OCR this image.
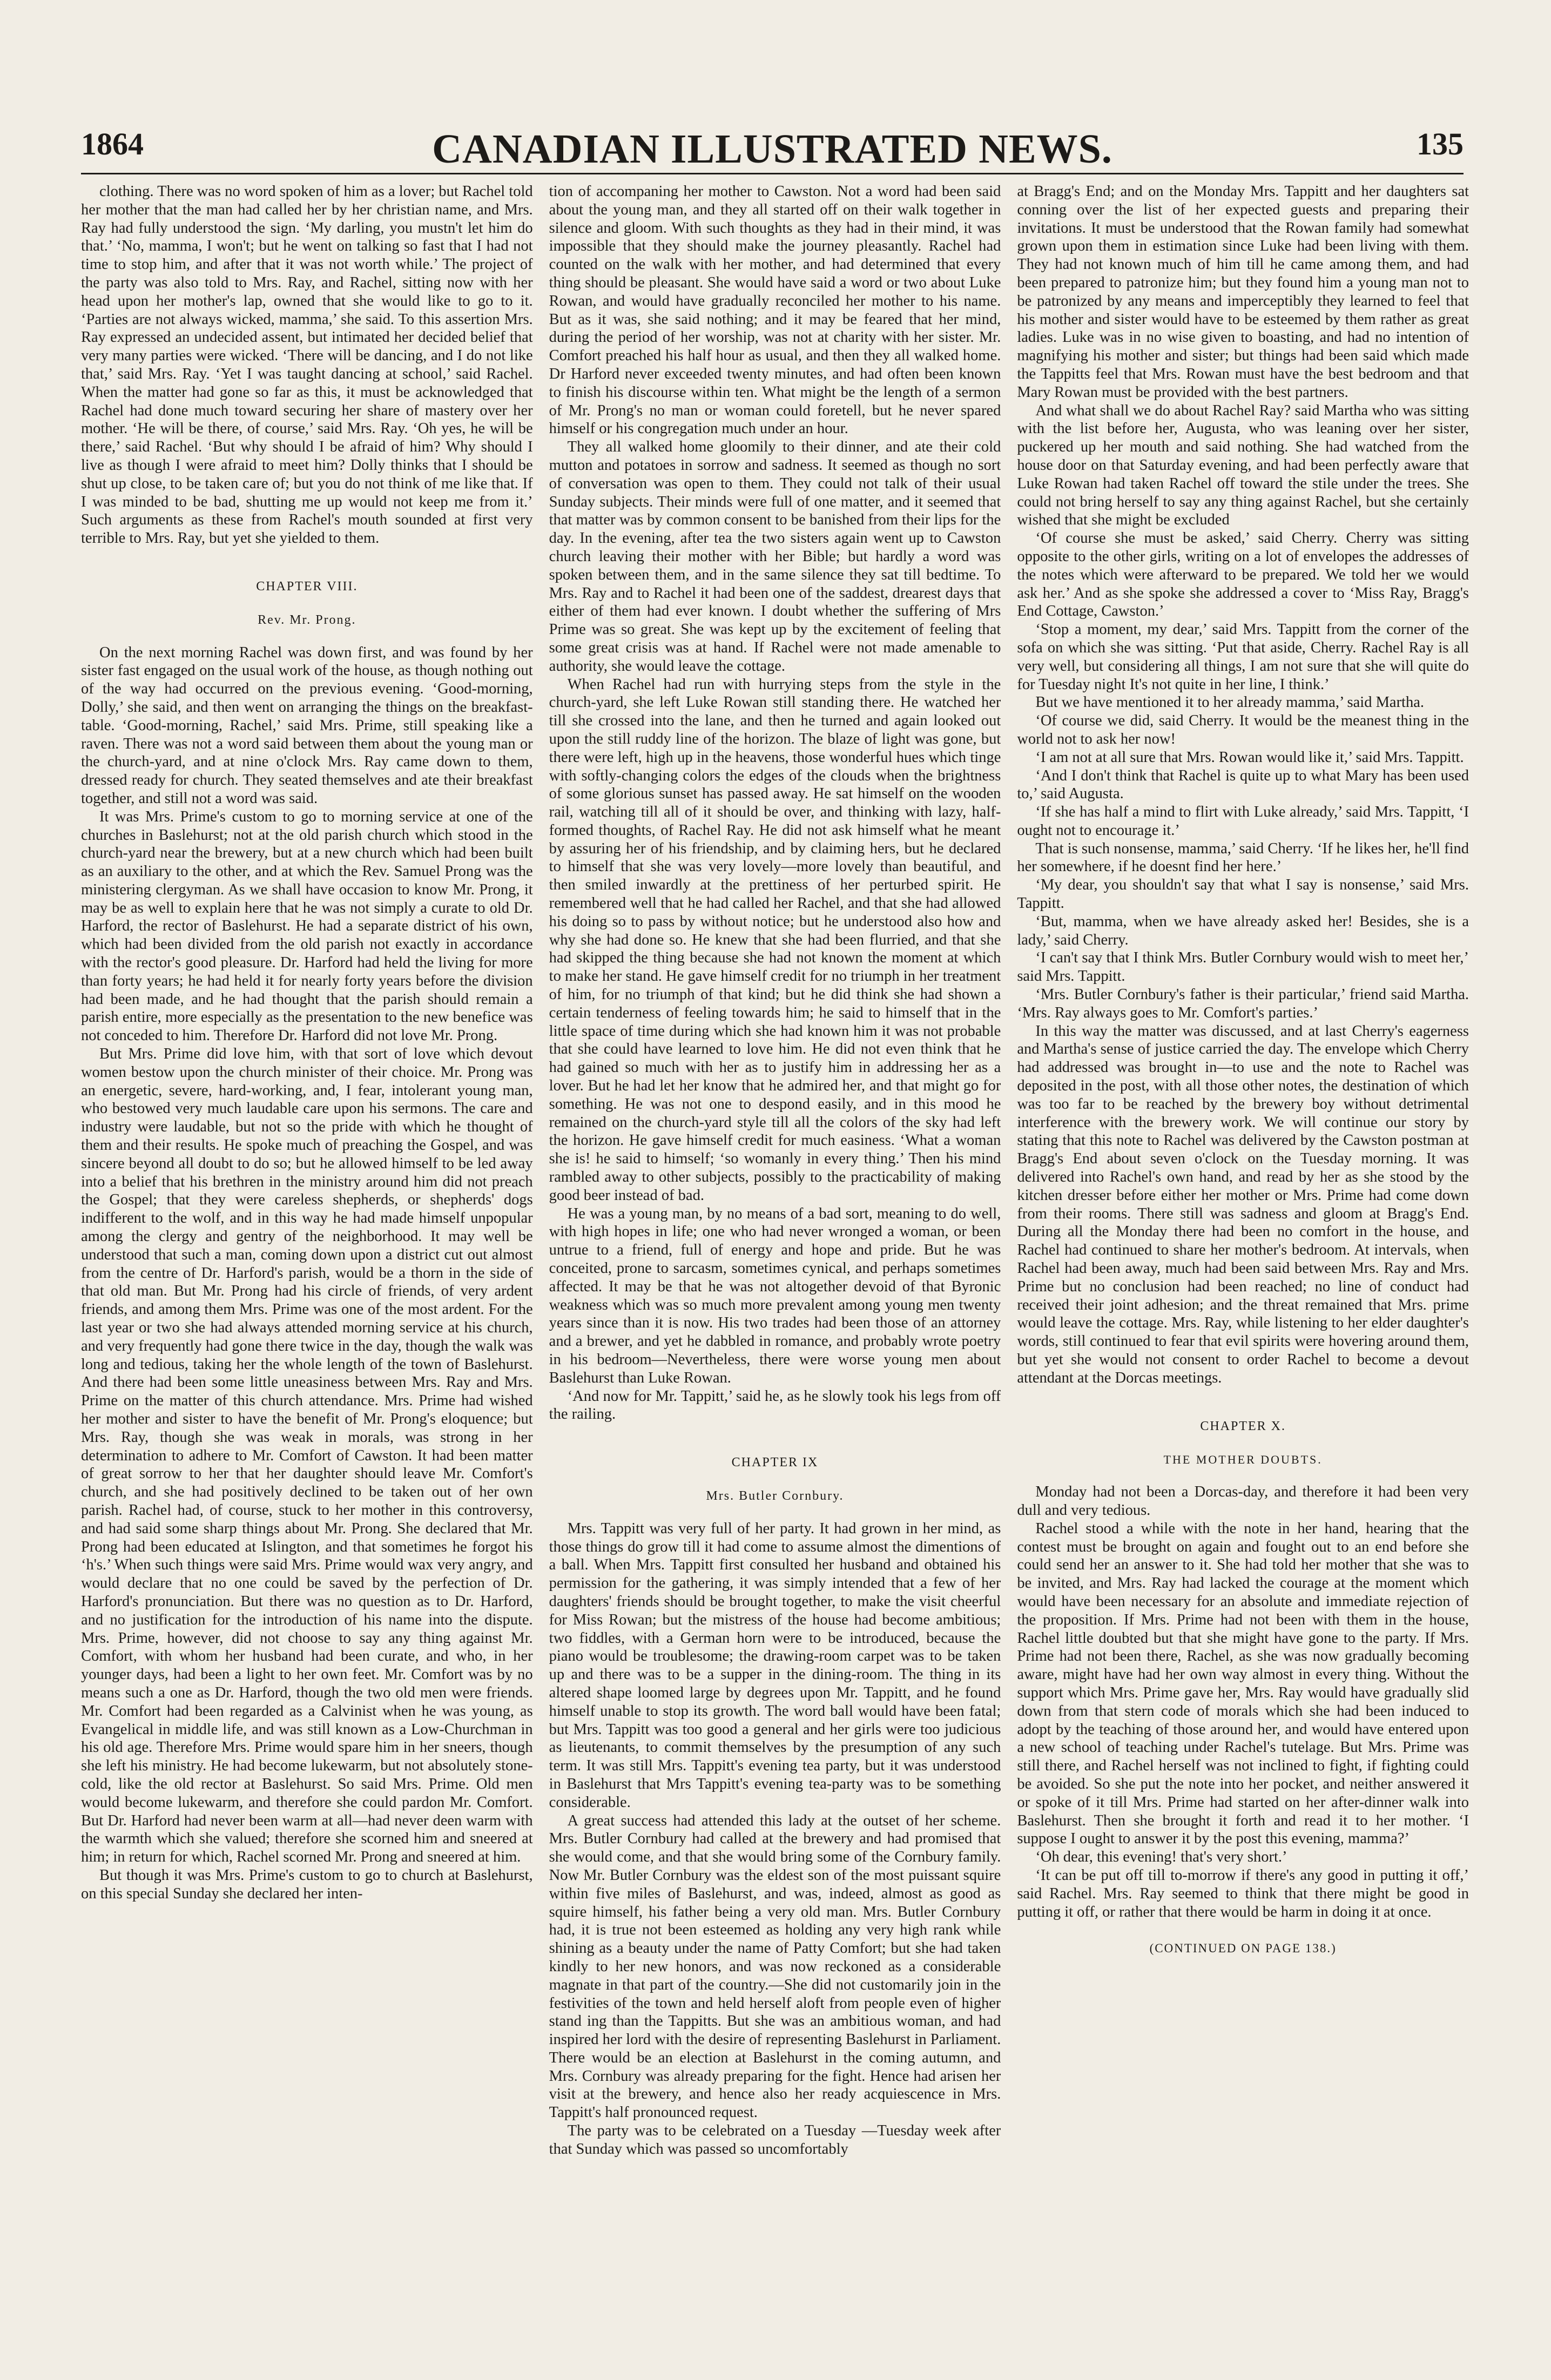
1864	CANADIAN ILLUSTRATED NEWS.	135

clothing. There was no word spoken of him as a lover; but Rachel told her mother that the man had called her by her christian name, and Mrs. Ray had fully understood the sign. ‘My darling, you mustn't let him do that.’ ‘No, mamma, I won't; but he went on talking so fast that I had not time to stop him, and after that it was not worth while.’ The project of the party was also told to Mrs. Ray, and Rachel, sitting now with her head upon her mother's lap, owned that she would like to go to it. ‘Parties are not always wicked, mamma,’ she said. To this assertion Mrs. Ray expressed an undecided assent, but intimated her decided belief that very many parties were wicked. ‘There will be dancing, and I do not like that,’ said Mrs. Ray. ‘Yet I was taught dancing at school,’ said Rachel. When the matter had gone so far as this, it must be acknowledged that Rachel had done much toward securing her share of mastery over her mother. ‘He will be there, of course,’ said Mrs. Ray. ‘Oh yes, he will be there,’ said Rachel. ‘But why should I be afraid of him? Why should I live as though I were afraid to meet him? Dolly thinks that I should be shut up close, to be taken care of; but you do not think of me like that. If I was minded to be bad, shutting me up would not keep me from it.’ Such arguments as these from Rachel's mouth sounded at first very terrible to Mrs. Ray, but yet she yielded to them.

CHAPTER VIII.
Rev. Mr. Prong.

On the next morning Rachel was down first, and was found by her sister fast engaged on the usual work of the house, as though nothing out of the way had occurred on the previous evening. ‘Good-morning, Dolly,’ she said, and then went on arranging the things on the breakfast-table. ‘Good-morning, Rachel,’ said Mrs. Prime, still speaking like a raven. There was not a word said between them about the young man or the church-yard, and at nine o'clock Mrs. Ray came down to them, dressed ready for church. They seated themselves and ate their breakfast together, and still not a word was said.

It was Mrs. Prime's custom to go to morning service at one of the churches in Baslehurst; not at the old parish church which stood in the church-yard near the brewery, but at a new church which had been built as an auxiliary to the other, and at which the Rev. Samuel Prong was the ministering clergyman. As we shall have occasion to know Mr. Prong, it may be as well to explain here that he was not simply a curate to old Dr. Harford, the rector of Baslehurst. He had a separate district of his own, which had been divided from the old parish not exactly in accordance with the rector's good pleasure. Dr. Harford had held the living for more than forty years; he had held it for nearly forty years before the division had been made, and he had thought that the parish should remain a parish entire, more especially as the presentation to the new benefice was not conceded to him. Therefore Dr. Harford did not love Mr. Prong.

But Mrs. Prime did love him, with that sort of love which devout women bestow upon the church minister of their choice. Mr. Prong was an energetic, severe, hard-working, and, I fear, intolerant young man, who bestowed very much laudable care upon his sermons. The care and industry were laudable, but not so the pride with which he thought of them and their results. He spoke much of preaching the Gospel, and was sincere beyond all doubt to do so; but he allowed himself to be led away into a belief that his brethren in the ministry around him did not preach the Gospel; that they were careless shepherds, or shepherds' dogs indifferent to the wolf, and in this way he had made himself unpopular among the clergy and gentry of the neighborhood. It may well be understood that such a man, coming down upon a district cut out almost from the centre of Dr. Harford's parish, would be a thorn in the side of that old man. But Mr. Prong had his circle of friends, of very ardent friends, and among them Mrs. Prime was one of the most ardent. For the last year or two she had always attended morning service at his church, and very frequently had gone there twice in the day, though the walk was long and tedious, taking her the whole length of the town of Baslehurst. And there had been some little uneasiness between Mrs. Ray and Mrs. Prime on the matter of this church attendance. Mrs. Prime had wished her mother and sister to have the benefit of Mr. Prong's eloquence; but Mrs. Ray, though she was weak in morals, was strong in her determination to adhere to Mr. Comfort of Cawston. It had been matter of great sorrow to her that her daughter should leave Mr. Comfort's church, and she had positively declined to be taken out of her own parish. Rachel had, of course, stuck to her mother in this controversy, and had said some sharp things about Mr. Prong. She declared that Mr. Prong had been educated at Islington, and that sometimes he forgot his ‘h's.’ When such things were said Mrs. Prime would wax very angry, and would declare that no one could be saved by the perfection of Dr. Harford's pronunciation. But there was no question as to Dr. Harford, and no justification for the introduction of his name into the dispute. Mrs. Prime, however, did not choose to say any thing against Mr. Comfort, with whom her husband had been curate, and who, in her younger days, had been a light to her own feet. Mr. Comfort was by no means such a one as Dr. Harford, though the two old men were friends. Mr. Comfort had been regarded as a Calvinist when he was young, as Evangelical in middle life, and was still known as a Low-Churchman in his old age. Therefore Mrs. Prime would spare him in her sneers, though she left his ministry. He had become lukewarm, but not absolutely stone-cold, like the old rector at Baslehurst. So said Mrs. Prime. Old men would become lukewarm, and therefore she could pardon Mr. Comfort. But Dr. Harford had never been warm at all—had never deen warm with the warmth which she valued; therefore she scorned him and sneered at him; in return for which, Rachel scorned Mr. Prong and sneered at him.

But though it was Mrs. Prime's custom to go to church at Baslehurst, on this special Sunday she declared her inten-

tion of accompaning her mother to Cawston. Not a word had been said about the young man, and they all started off on their walk together in silence and gloom. With such thoughts as they had in their mind, it was impossible that they should make the journey pleasantly. Rachel had counted on the walk with her mother, and had determined that every thing should be pleasant. She would have said a word or two about Luke Rowan, and would have gradually reconciled her mother to his name. But as it was, she said nothing; and it may be feared that her mind, during the period of her worship, was not at charity with her sister. Mr. Comfort preached his half hour as usual, and then they all walked home. Dr Harford never exceeded twenty minutes, and had often been known to finish his discourse within ten. What might be the length of a sermon of Mr. Prong's no man or woman could foretell, but he never spared himself or his congregation much under an hour.

They all walked home gloomily to their dinner, and ate their cold mutton and potatoes in sorrow and sadness. It seemed as though no sort of conversation was open to them. They could not talk of their usual Sunday subjects. Their minds were full of one matter, and it seemed that that matter was by common consent to be banished from their lips for the day. In the evening, after tea the two sisters again went up to Cawston church leaving their mother with her Bible; but hardly a word was spoken between them, and in the same silence they sat till bedtime. To Mrs. Ray and to Rachel it had been one of the saddest, drearest days that either of them had ever known. I doubt whether the suffering of Mrs Prime was so great. She was kept up by the excitement of feeling that some great crisis was at hand. If Rachel were not made amenable to authority, she would leave the cottage.

When Rachel had run with hurrying steps from the style in the church-yard, she left Luke Rowan still standing there. He watched her till she crossed into the lane, and then he turned and again looked out upon the still ruddy line of the horizon. The blaze of light was gone, but there were left, high up in the heavens, those wonderful hues which tinge with softly-changing colors the edges of the clouds when the brightness of some glorious sunset has passed away. He sat himself on the wooden rail, watching till all of it should be over, and thinking with lazy, half-formed thoughts, of Rachel Ray. He did not ask himself what he meant by assuring her of his friendship, and by claiming hers, but he declared to himself that she was very lovely—more lovely than beautiful, and then smiled inwardly at the prettiness of her perturbed spirit. He remembered well that he had called her Rachel, and that she had allowed his doing so to pass by without notice; but he understood also how and why she had done so. He knew that she had been flurried, and that she had skipped the thing because she had not known the moment at which to make her stand. He gave himself credit for no triumph in her treatment of him, for no triumph of that kind; but he did think she had shown a certain tenderness of feeling towards him; he said to himself that in the little space of time during which she had known him it was not probable that she could have learned to love him. He did not even think that he had gained so much with her as to justify him in addressing her as a lover. But he had let her know that he admired her, and that might go for something. He was not one to despond easily, and in this mood he remained on the church-yard style till all the colors of the sky had left the horizon. He gave himself credit for much easiness. ‘What a woman she is! he said to himself; ‘so womanly in every thing.’ Then his mind rambled away to other subjects, possibly to the practicability of making good beer instead of bad.

He was a young man, by no means of a bad sort, meaning to do well, with high hopes in life; one who had never wronged a woman, or been untrue to a friend, full of energy and hope and pride. But he was conceited, prone to sarcasm, sometimes cynical, and perhaps sometimes affected. It may be that he was not altogether devoid of that Byronic weakness which was so much more prevalent among young men twenty years since than it is now. His two trades had been those of an attorney and a brewer, and yet he dabbled in romance, and probably wrote poetry in his bedroom—Nevertheless, there were worse young men about Baslehurst than Luke Rowan.

‘And now for Mr. Tappitt,’ said he, as he slowly took his legs from off the railing.

CHAPTER IX
Mrs. Butler Cornbury.

Mrs. Tappitt was very full of her party. It had grown in her mind, as those things do grow till it had come to assume almost the dimentions of a ball. When Mrs. Tappitt first consulted her husband and obtained his permission for the gathering, it was simply intended that a few of her daughters' friends should be brought together, to make the visit cheerful for Miss Rowan; but the mistress of the house had become ambitious; two fiddles, with a German horn were to be introduced, because the piano would be troublesome; the drawing-room carpet was to be taken up and there was to be a supper in the dining-room. The thing in its altered shape loomed large by degrees upon Mr. Tappitt, and he found himself unable to stop its growth. The word ball would have been fatal; but Mrs. Tappitt was too good a general and her girls were too judicious as lieutenants, to commit themselves by the presumption of any such term. It was still Mrs. Tappitt's evening tea party, but it was understood in Baslehurst that Mrs Tappitt's evening tea-party was to be something considerable.

A great success had attended this lady at the outset of her scheme. Mrs. Butler Cornbury had called at the brewery and had promised that she would come, and that she would bring some of the Cornbury family. Now Mr. Butler Cornbury was the eldest son of the most puissant squire within five miles of Baslehurst, and was, indeed, almost as good as squire himself, his father being a very old man. Mrs. Butler Cornbury had, it is true not been esteemed as holding any very high rank while shining as a beauty under the name of Patty Comfort; but she had taken kindly to her new honors, and was now reckoned as a considerable magnate in that part of the country.—She did not customarily join in the festivities of the town and held herself aloft from people even of higher stand ing than the Tappitts. But she was an ambitious woman, and had inspired her lord with the desire of representing Baslehurst in Parliament. There would be an election at Baslehurst in the coming autumn, and Mrs. Cornbury was already preparing for the fight. Hence had arisen her visit at the brewery, and hence also her ready acquiescence in Mrs. Tappitt's half pronounced request.

The party was to be celebrated on a Tuesday —Tuesday week after that Sunday which was passed so uncomfortably

at Bragg's End; and on the Monday Mrs. Tappitt and her daughters sat conning over the list of her expected guests and preparing their invitations. It must be understood that the Rowan family had somewhat grown upon them in estimation since Luke had been living with them. They had not known much of him till he came among them, and had been prepared to patronize him; but they found him a young man not to be patronized by any means and imperceptibly they learned to feel that his mother and sister would have to be esteemed by them rather as great ladies. Luke was in no wise given to boasting, and had no intention of magnifying his mother and sister; but things had been said which made the Tappitts feel that Mrs. Rowan must have the best bedroom and that Mary Rowan must be provided with the best partners.

And what shall we do about Rachel Ray? said Martha who was sitting with the list before her, Augusta, who was leaning over her sister, puckered up her mouth and said nothing. She had watched from the house door on that Saturday evening, and had been perfectly aware that Luke Rowan had taken Rachel off toward the stile under the trees. She could not bring herself to say any thing against Rachel, but she certainly wished that she might be excluded

‘Of course she must be asked,’ said Cherry. Cherry was sitting opposite to the other girls, writing on a lot of envelopes the addresses of the notes which were afterward to be prepared. We told her we would ask her.’ And as she spoke she addressed a cover to ‘Miss Ray, Bragg's End Cottage, Cawston.’

‘Stop a moment, my dear,’ said Mrs. Tappitt from the corner of the sofa on which she was sitting. ‘Put that aside, Cherry. Rachel Ray is all very well, but considering all things, I am not sure that she will quite do for Tuesday night It's not quite in her line, I think.’

But we have mentioned it to her already mamma,’ said Martha.

‘Of course we did, said Cherry. It would be the meanest thing in the world not to ask her now!

‘I am not at all sure that Mrs. Rowan would like it,’ said Mrs. Tappitt.

‘And I don't think that Rachel is quite up to what Mary has been used to,’ said Augusta.

‘If she has half a mind to flirt with Luke already,’ said Mrs. Tappitt, ‘I ought not to encourage it.’

That is such nonsense, mamma,’ said Cherry. ‘If he likes her, he'll find her somewhere, if he doesnt find her here.’

‘My dear, you shouldn't say that what I say is nonsense,’ said Mrs. Tappitt.

‘But, mamma, when we have already asked her! Besides, she is a lady,’ said Cherry.

‘I can't say that I think Mrs. Butler Cornbury would wish to meet her,’ said Mrs. Tappitt.

‘Mrs. Butler Cornbury's father is their particular,’ friend said Martha. ‘Mrs. Ray always goes to Mr. Comfort's parties.’

In this way the matter was discussed, and at last Cherry's eagerness and Martha's sense of justice carried the day. The envelope which Cherry had addressed was brought in—to use and the note to Rachel was deposited in the post, with all those other notes, the destination of which was too far to be reached by the brewery boy without detrimental interference with the brewery work. We will continue our story by stating that this note to Rachel was delivered by the Cawston postman at Bragg's End about seven o'clock on the Tuesday morning. It was delivered into Rachel's own hand, and read by her as she stood by the kitchen dresser before either her mother or Mrs. Prime had come down from their rooms. There still was sadness and gloom at Bragg's End. During all the Monday there had been no comfort in the house, and Rachel had continued to share her mother's bedroom. At intervals, when Rachel had been away, much had been said between Mrs. Ray and Mrs. Prime but no conclusion had been reached; no line of conduct had received their joint adhesion; and the threat remained that Mrs. prime would leave the cottage. Mrs. Ray, while listening to her elder daughter's words, still continued to fear that evil spirits were hovering around them, but yet she would not consent to order Rachel to become a devout attendant at the Dorcas meetings.

CHAPTER X.
THE MOTHER DOUBTS.

Monday had not been a Dorcas-day, and therefore it had been very dull and very tedious.

Rachel stood a while with the note in her hand, hearing that the contest must be brought on again and fought out to an end before she could send her an answer to it. She had told her mother that she was to be invited, and Mrs. Ray had lacked the courage at the moment which would have been necessary for an absolute and immediate rejection of the proposition. If Mrs. Prime had not been with them in the house, Rachel little doubted but that she might have gone to the party. If Mrs. Prime had not been there, Rachel, as she was now gradually becoming aware, might have had her own way almost in every thing. Without the support which Mrs. Prime gave her, Mrs. Ray would have gradually slid down from that stern code of morals which she had been induced to adopt by the teaching of those around her, and would have entered upon a new school of teaching under Rachel's tutelage. But Mrs. Prime was still there, and Rachel herself was not inclined to fight, if fighting could be avoided. So she put the note into her pocket, and neither answered it or spoke of it till Mrs. Prime had started on her after-dinner walk into Baslehurst. Then she brought it forth and read it to her mother. ‘I suppose I ought to answer it by the post this evening, mamma?’

‘Oh dear, this evening! that's very short.’

‘It can be put off till to-morrow if there's any good in putting it off,’ said Rachel. Mrs. Ray seemed to think that there might be good in putting it off, or rather that there would be harm in doing it at once.

(CONTINUED ON PAGE 138.)
